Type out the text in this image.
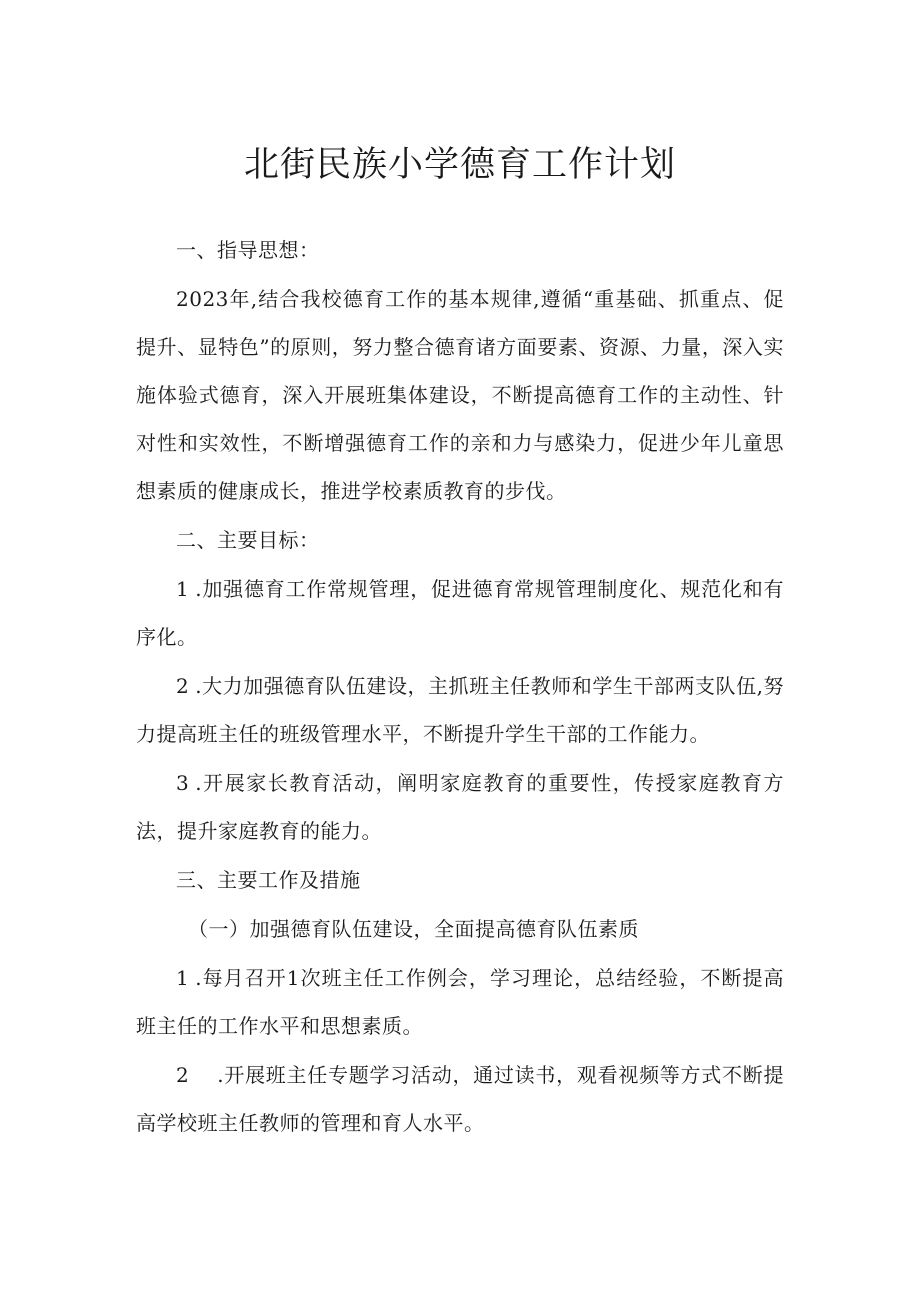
北街民族小学德育工作计划

一、指导思想：

2023年,结合我校德育工作的基本规律,遵循“重基础、抓重点、促提升、显特色”的原则，努力整合德育诸方面要素、资源、力量，深入实施体验式德育，深入开展班集体建设，不断提高德育工作的主动性、针对性和实效性，不断增强德育工作的亲和力与感染力，促进少年儿童思想素质的健康成长，推进学校素质教育的步伐。

二、主要目标：

1 .加强德育工作常规管理，促进德育常规管理制度化、规范化和有序化。

2 .大力加强德育队伍建设，主抓班主任教师和学生干部两支队伍,努力提高班主任的班级管理水平，不断提升学生干部的工作能力。

3 .开展家长教育活动，阐明家庭教育的重要性，传授家庭教育方法，提升家庭教育的能力。

三、主要工作及措施

（一）加强德育队伍建设，全面提高德育队伍素质

1 .每月召开1次班主任工作例会，学习理论，总结经验，不断提高班主任的工作水平和思想素质。

2 .开展班主任专题学习活动，通过读书，观看视频等方式不断提高学校班主任教师的管理和育人水平。
